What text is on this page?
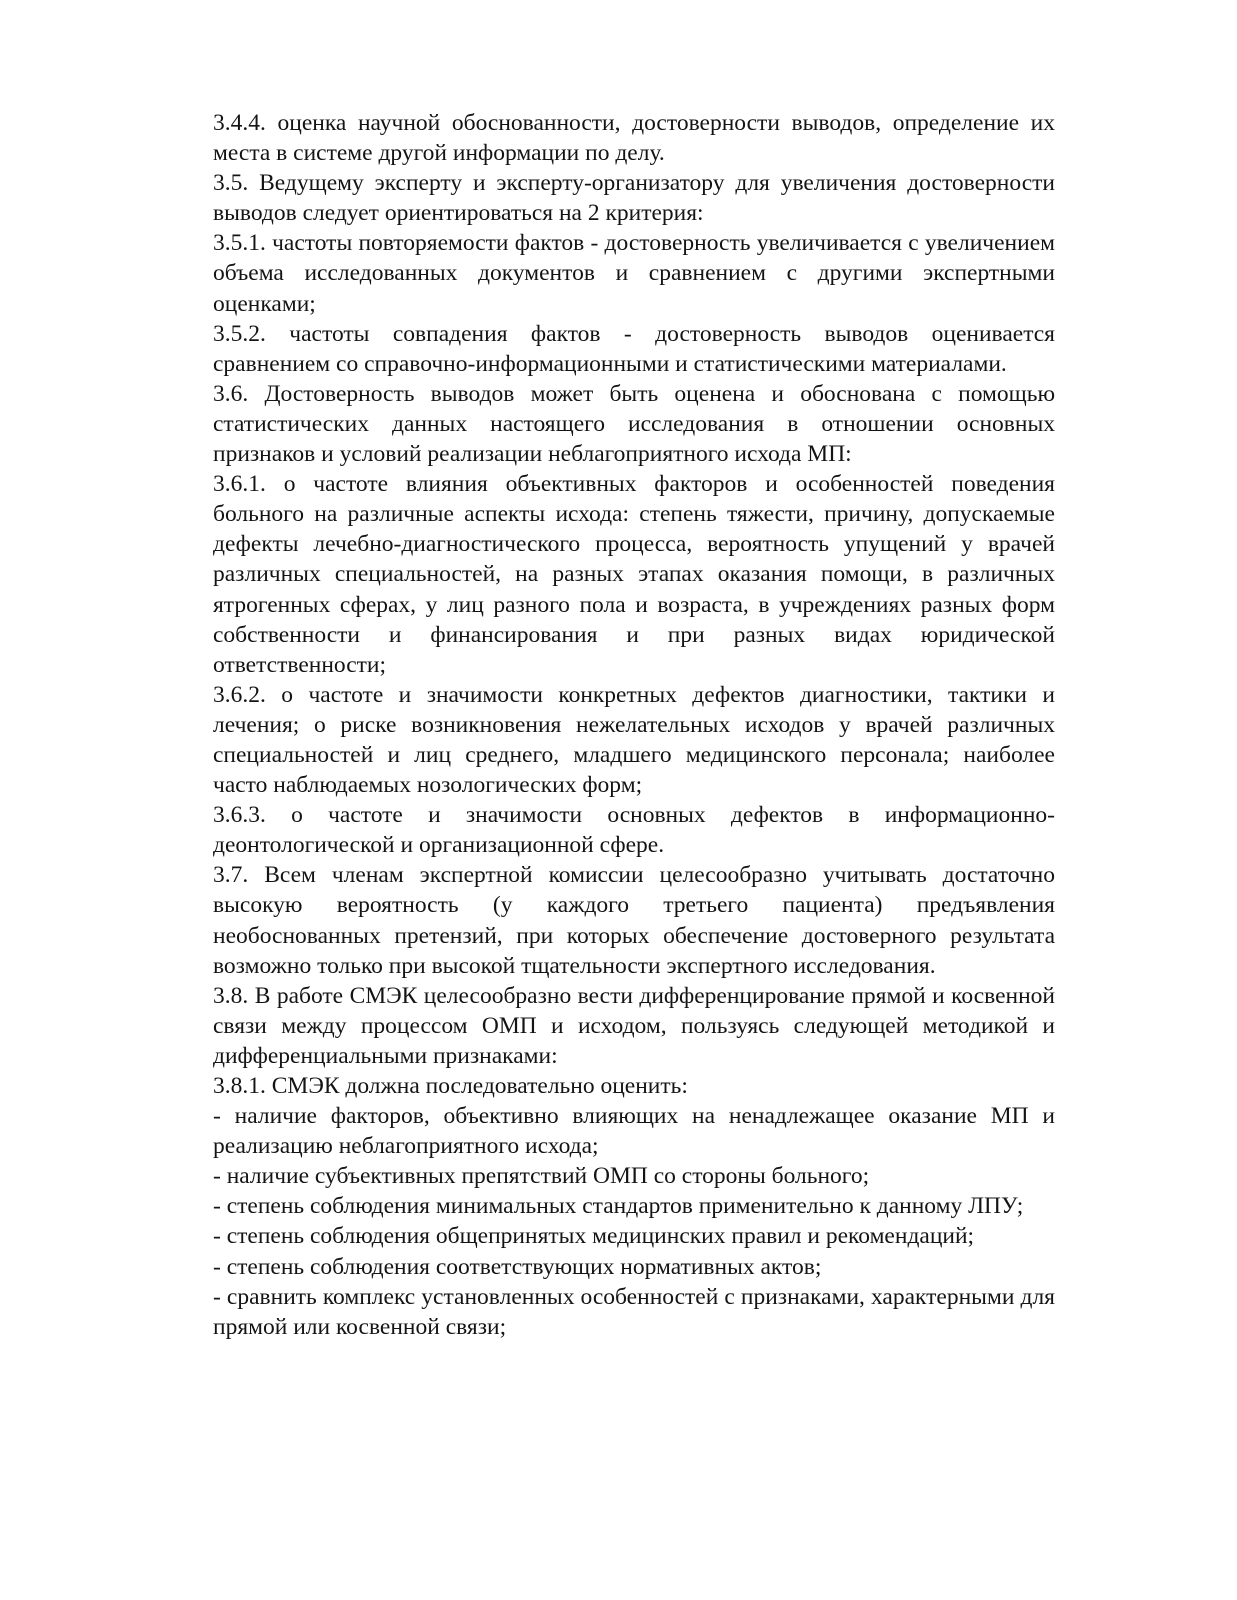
3.4.4. оценка научной обоснованности, достоверности выводов, определение их места в системе другой информации по делу.

3.5. Ведущему эксперту и эксперту-организатору для увеличения достоверности выводов следует ориентироваться на 2 критерия:

3.5.1. частоты повторяемости фактов - достоверность увеличивается с увеличением объема исследованных документов и сравнением с другими экспертными оценками;

3.5.2. частоты совпадения фактов - достоверность выводов оценивается сравнением со справочно-информационными и статистическими материалами.

3.6. Достоверность выводов может быть оценена и обоснована с помощью статистических данных настоящего исследования в отношении основных признаков и условий реализации неблагоприятного исхода МП:

3.6.1. о частоте влияния объективных факторов и особенностей поведения больного на различные аспекты исхода: степень тяжести, причину, допускаемые дефекты лечебно-диагностического процесса, вероятность упущений у врачей различных специальностей, на разных этапах оказания помощи, в различных ятрогенных сферах, у лиц разного пола и возраста, в учреждениях разных форм собственности и финансирования и при разных видах юридической ответственности;

3.6.2. о частоте и значимости конкретных дефектов диагностики, тактики и лечения; о риске возникновения нежелательных исходов у врачей различных специальностей и лиц среднего, младшего медицинского персонала; наиболее часто наблюдаемых нозологических форм;

3.6.3. о частоте и значимости основных дефектов в информационно-деонтологической и организационной сфере.

3.7. Всем членам экспертной комиссии целесообразно учитывать достаточно высокую вероятность (у каждого третьего пациента) предъявления необоснованных претензий, при которых обеспечение достоверного результата возможно только при высокой тщательности экспертного исследования.

3.8. В работе СМЭК целесообразно вести дифференцирование прямой и косвенной связи между процессом ОМП и исходом, пользуясь следующей методикой и дифференциальными признаками:

3.8.1. СМЭК должна последовательно оценить:

- наличие факторов, объективно влияющих на ненадлежащее оказание МП и реализацию неблагоприятного исхода;

- наличие субъективных препятствий ОМП со стороны больного;

- степень соблюдения минимальных стандартов применительно к данному ЛПУ;

- степень соблюдения общепринятых медицинских правил и рекомендаций;

- степень соблюдения соответствующих нормативных актов;

- сравнить комплекс установленных особенностей с признаками, характерными для прямой или косвенной связи;
